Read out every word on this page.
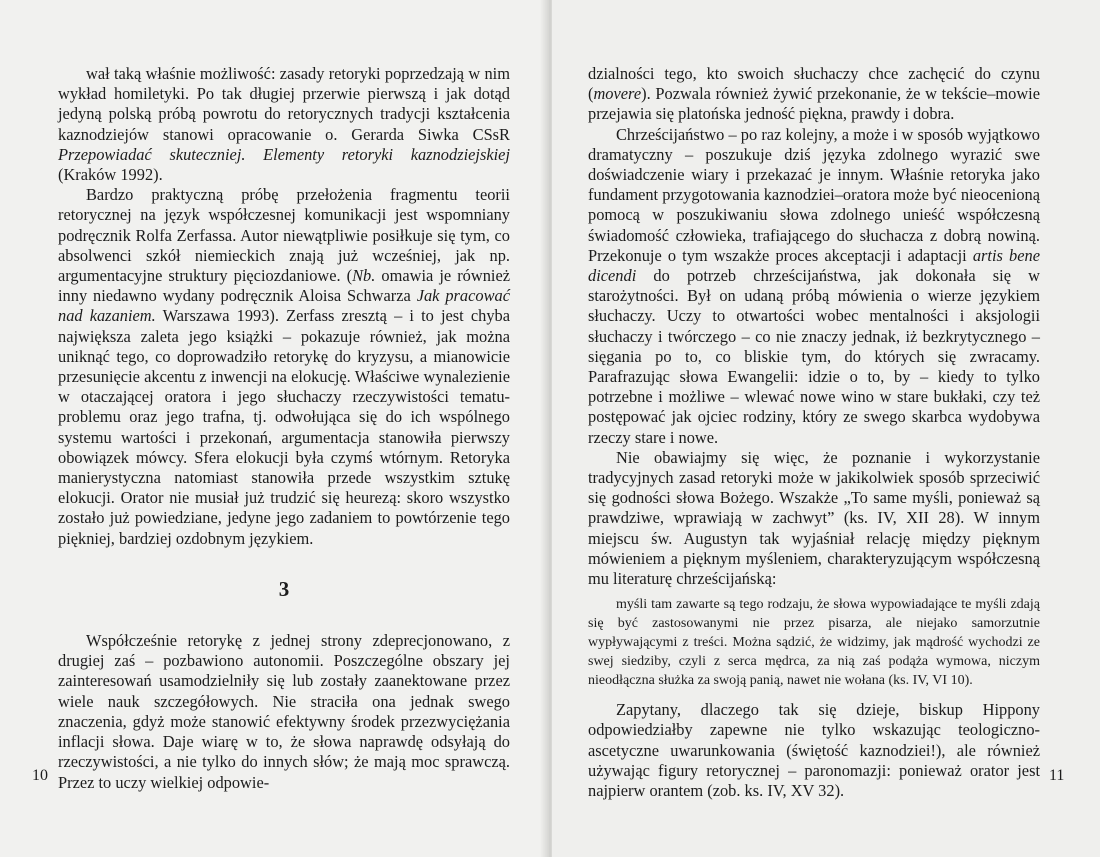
wał taką właśnie możliwość: zasady retoryki poprzedzają w nim wykład homiletyki. Po tak długiej przerwie pierwszą i jak dotąd jedyną polską próbą powrotu do retorycznych tradycji kształcenia kaznodziejów stanowi opracowanie o. Gerarda Siwka CSsR Przepowiadać skuteczniej. Elementy retoryki kaznodziejskiej (Kraków 1992).

Bardzo praktyczną próbę przełożenia fragmentu teorii retorycznej na język współczesnej komunikacji jest wspomniany podręcznik Rolfa Zerfassa. Autor niewątpliwie posiłkuje się tym, co absolwenci szkół niemieckich znają już wcześniej, jak np. argumentacyjne struktury pięciozdaniowe. (Nb. omawia je również inny niedawno wydany podręcznik Aloisa Schwarza Jak pracować nad kazaniem. Warszawa 1993). Zerfass zresztą – i to jest chyba największa zaleta jego książki – pokazuje również, jak można uniknąć tego, co doprowadziło retorykę do kryzysu, a mianowicie przesunięcie akcentu z inwencji na elokucję. Właściwe wynalezienie w otaczającej oratora i jego słuchaczy rzeczywistości tematu-problemu oraz jego trafna, tj. odwołująca się do ich wspólnego systemu wartości i przekonań, argumentacja stanowiła pierwszy obowiązek mówcy. Sfera elokucji była czymś wtórnym. Retoryka manierystyczna natomiast stanowiła przede wszystkim sztukę elokucji. Orator nie musiał już trudzić się heurezą: skoro wszystko zostało już powiedziane, jedyne jego zadaniem to powtórzenie tego piękniej, bardziej ozdobnym językiem.

3

Współcześnie retorykę z jednej strony zdeprecjonowano, z drugiej zaś – pozbawiono autonomii. Poszczególne obszary jej zainteresowań usamodzielniły się lub zostały zaanektowane przez wiele nauk szczegółowych. Nie straciła ona jednak swego znaczenia, gdyż może stanowić efektywny środek przezwyciężania inflacji słowa. Daje wiarę w to, że słowa naprawdę odsyłają do rzeczywistości, a nie tylko do innych słów; że mają moc sprawczą. Przez to uczy wielkiej odpowie-

10

dzialności tego, kto swoich słuchaczy chce zachęcić do czynu (movere). Pozwala również żywić przekonanie, że w tekście–mowie przejawia się platońska jedność piękna, prawdy i dobra.

Chrześcijaństwo – po raz kolejny, a może i w sposób wyjątkowo dramatyczny – poszukuje dziś języka zdolnego wyrazić swe doświadczenie wiary i przekazać je innym. Właśnie retoryka jako fundament przygotowania kaznodziei–oratora może być nieocenioną pomocą w poszukiwaniu słowa zdolnego unieść współczesną świadomość człowieka, trafiającego do słuchacza z dobrą nowiną. Przekonuje o tym wszakże proces akceptacji i adaptacji artis bene dicendi do potrzeb chrześcijaństwa, jak dokonała się w starożytności. Był on udaną próbą mówienia o wierze językiem słuchaczy. Uczy to otwartości wobec mentalności i aksjologii słuchaczy i twórczego – co nie znaczy jednak, iż bezkrytycznego – sięgania po to, co bliskie tym, do których się zwracamy. Parafrazując słowa Ewangelii: idzie o to, by – kiedy to tylko potrzebne i możliwe – wlewać nowe wino w stare bukłaki, czy też postępować jak ojciec rodziny, który ze swego skarbca wydobywa rzeczy stare i nowe.

Nie obawiajmy się więc, że poznanie i wykorzystanie tradycyjnych zasad retoryki może w jakikolwiek sposób sprzeciwić się godności słowa Bożego. Wszakże „To same myśli, ponieważ są prawdziwe, wprawiają w zachwyt” (ks. IV, XII 28). W innym miejscu św. Augustyn tak wyjaśniał relację między pięknym mówieniem a pięknym myśleniem, charakteryzującym współczesną mu literaturę chrześcijańską:

myśli tam zawarte są tego rodzaju, że słowa wypowiadające te myśli zdają się być zastosowanymi nie przez pisarza, ale niejako samorzutnie wypływającymi z treści. Można sądzić, że widzimy, jak mądrość wychodzi ze swej siedziby, czyli z serca mędrca, za nią zaś podąża wymowa, niczym nieodłączna służka za swoją panią, nawet nie wołana (ks. IV, VI 10).

Zapytany, dlaczego tak się dzieje, biskup Hippony odpowiedziałby zapewne nie tylko wskazując teologiczno-ascetyczne uwarunkowania (świętość kaznodziei!), ale również używając figury retorycznej – paronomazji: ponieważ orator jest najpierw orantem (zob. ks. IV, XV 32).

11
